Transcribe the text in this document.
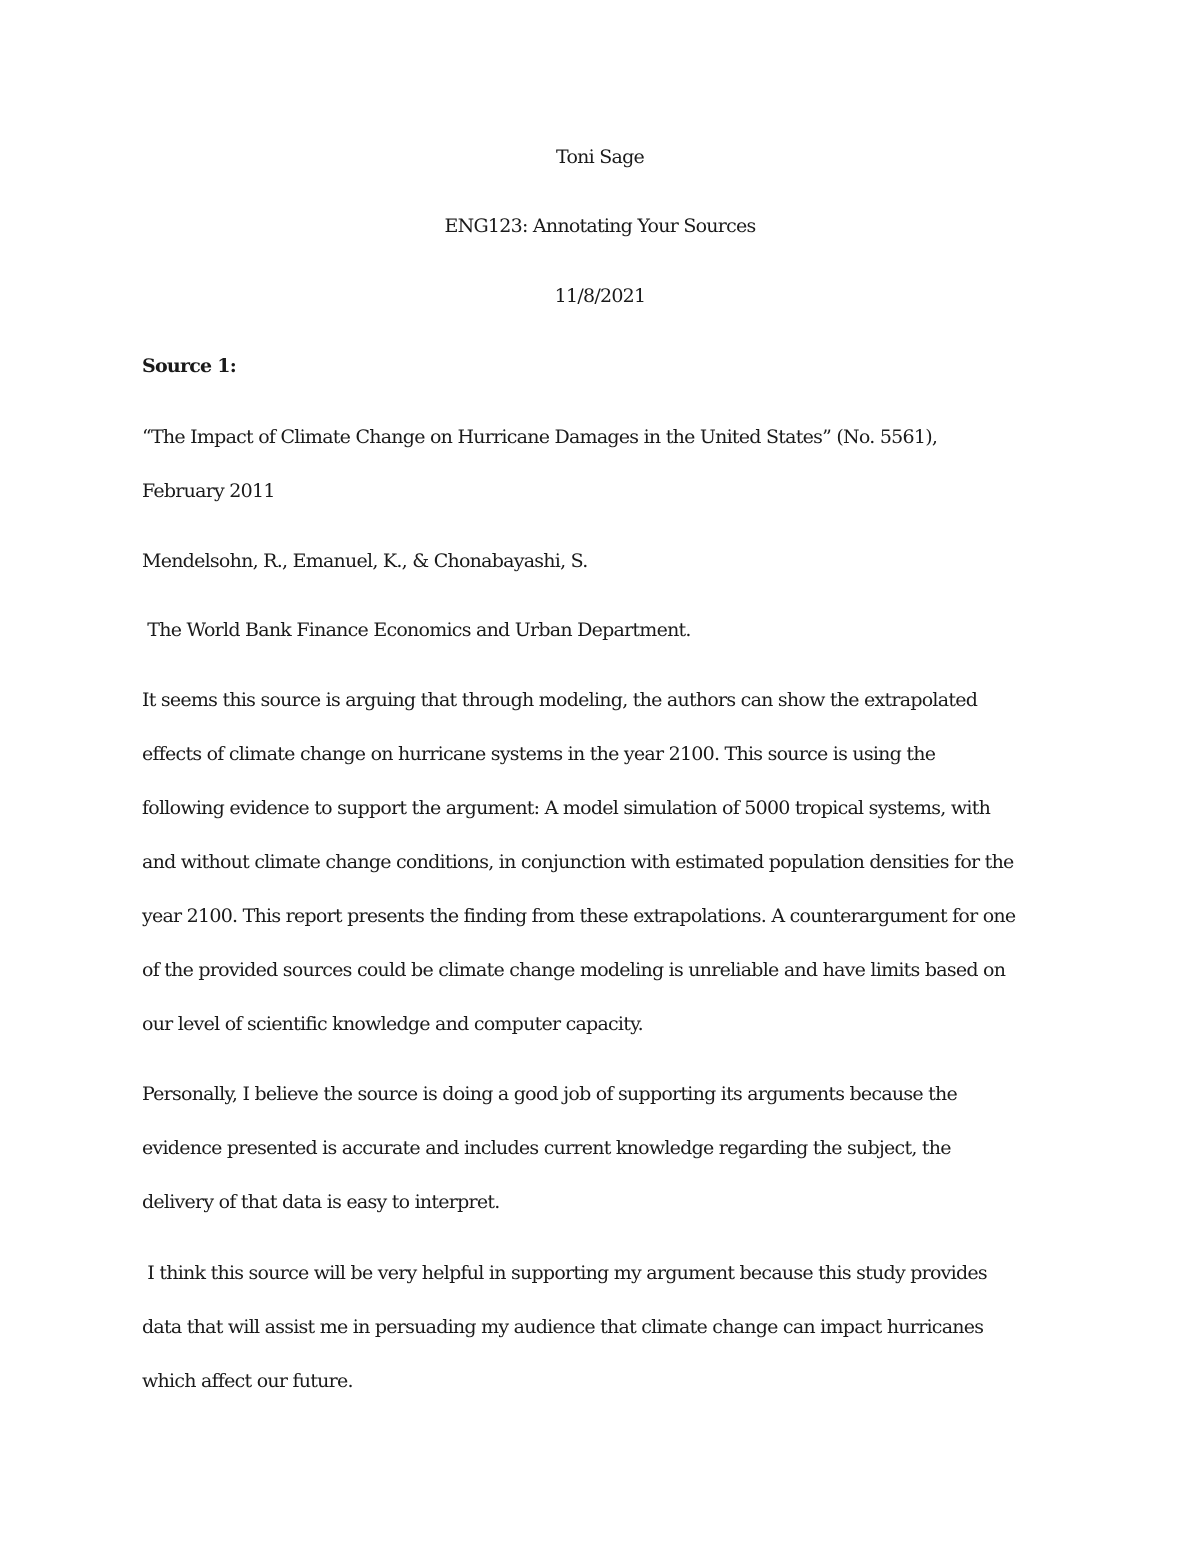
Toni Sage
ENG123: Annotating Your Sources
11/8/2021
Source 1:
“The Impact of Climate Change on Hurricane Damages in the United States” (No. 5561),
February 2011
Mendelsohn, R., Emanuel, K., & Chonabayashi, S.
The World Bank Finance Economics and Urban Department.
It seems this source is arguing that through modeling, the authors can show the extrapolated
effects of climate change on hurricane systems in the year 2100. This source is using the
following evidence to support the argument: A model simulation of 5000 tropical systems, with
and without climate change conditions, in conjunction with estimated population densities for the
year 2100. This report presents the finding from these extrapolations. A counterargument for one
of the provided sources could be climate change modeling is unreliable and have limits based on
our level of scientific knowledge and computer capacity.
Personally, I believe the source is doing a good job of supporting its arguments because the
evidence presented is accurate and includes current knowledge regarding the subject, the
delivery of that data is easy to interpret.
I think this source will be very helpful in supporting my argument because this study provides
data that will assist me in persuading my audience that climate change can impact hurricanes
which affect our future.
